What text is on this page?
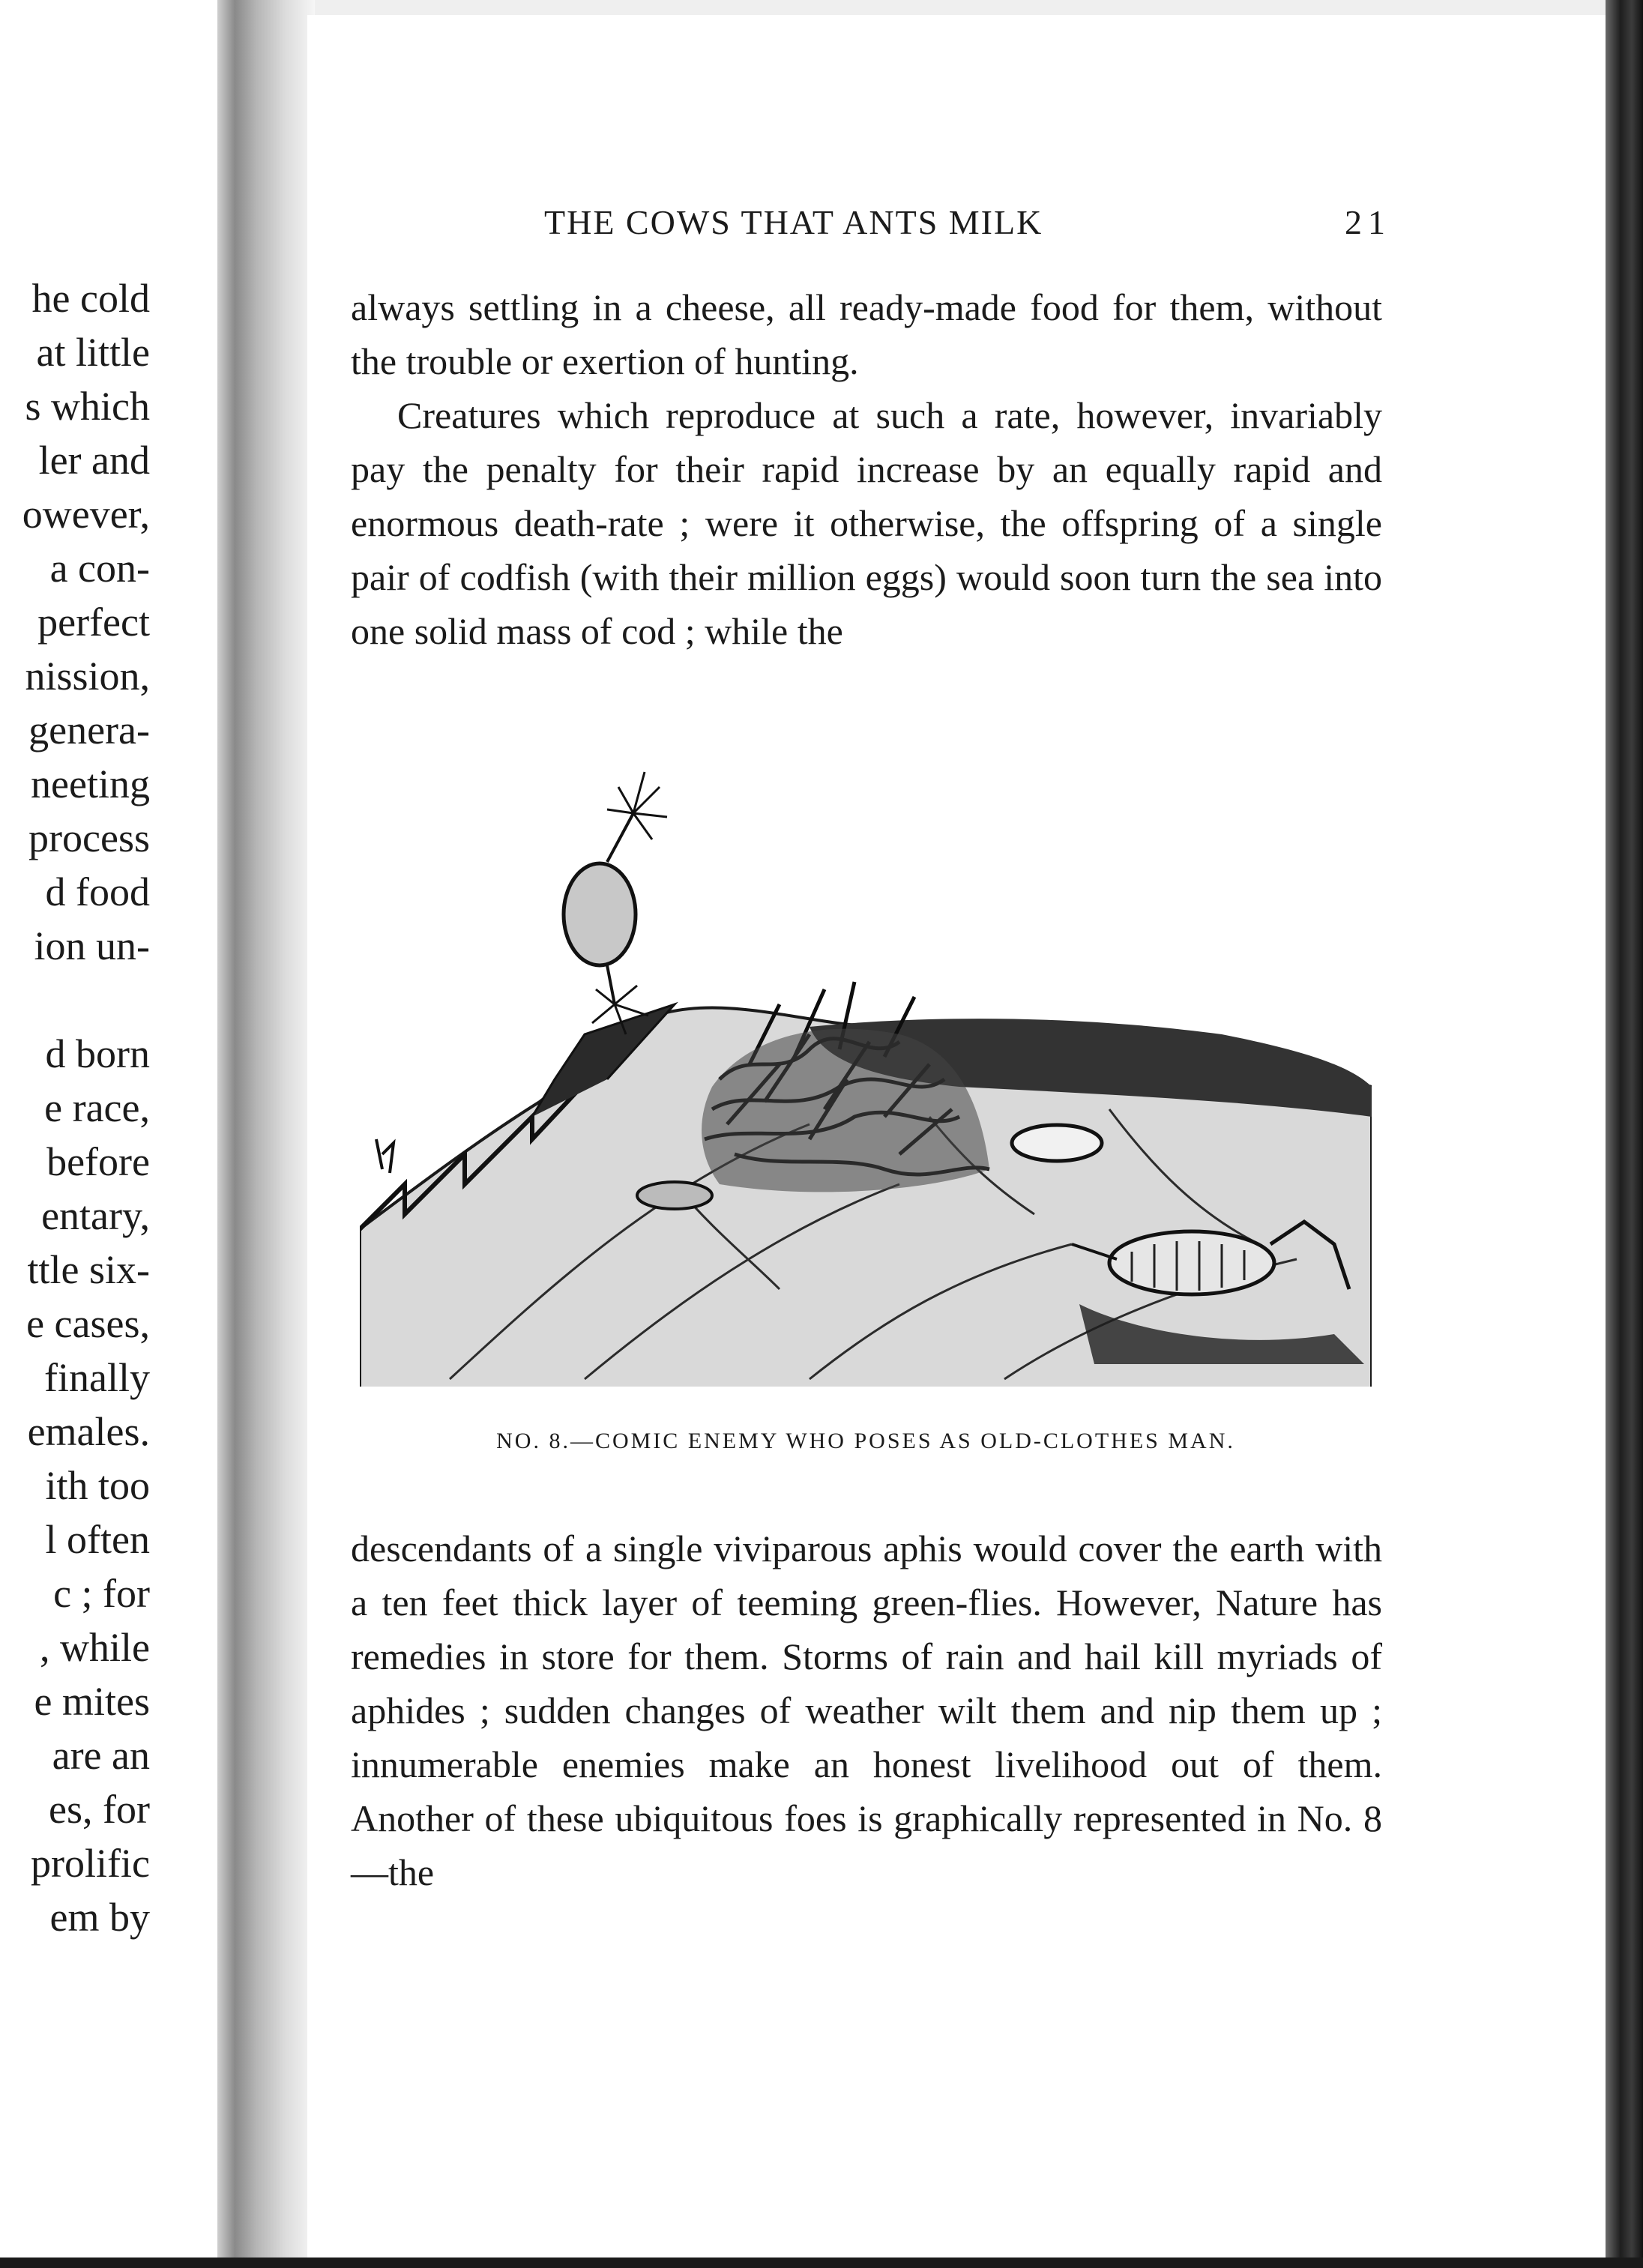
he cold
at little
s which
ler and
owever,
a con-
perfect
nission,
genera-
neeting
process
d food
ion un-
d born
e race,
before
entary,
ttle six-
e cases,
finally
emales.
ith too
l often
c ; for
, while
e mites
are an
es, for
prolific
em by
THE COWS THAT ANTS MILK	21

always settling in a cheese, all ready-made food for them, without the trouble or exertion of hunting.

Creatures which reproduce at such a rate, however, invariably pay the penalty for their rapid increase by an equally rapid and enormous death-rate ; were it otherwise, the offspring of a single pair of codfish (with their million eggs) would soon turn the sea into one solid mass of cod ; while the

NO. 8.—COMIC ENEMY WHO POSES AS OLD-CLOTHES MAN.

descendants of a single viviparous aphis would cover the earth with a ten feet thick layer of teeming green-flies. However, Nature has remedies in store for them. Storms of rain and hail kill myriads of aphides ; sudden changes of weather wilt them and nip them up ; innumerable enemies make an honest livelihood out of them. Another of these ubiquitous foes is graphically represented in No. 8—the
